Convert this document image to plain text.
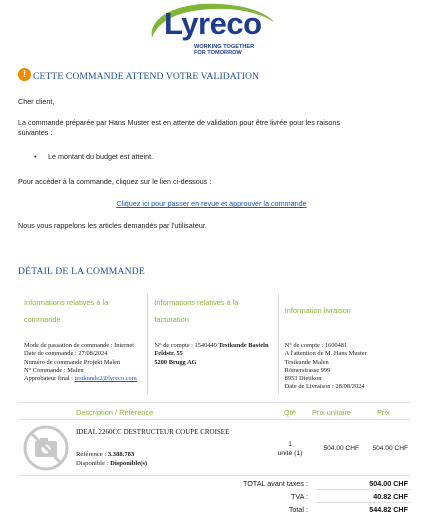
Lyreco
WORKING TOGETHER
FOR TOMORROW
! CETTE COMMANDE ATTEND VOTRE VALIDATION
Cher client,
La commande préparée par Hans Muster est en attente de validation pour être livrée pour les raisons
suivantes :
• Le montant du budget est atteint.
Pour accéder à la commande, cliquez sur le lien ci-dessous :
Cliquez ici pour passer en revue et approuver la commande
Nous vous rappelons les articles demandés par l'utilisateur.
DÉTAIL DE LA COMMANDE
Informations relatives à la
commande
Mode de passation de commande : Internet
Date de commande : 27/08/2024
Numéro de commande Projekt Malen
N° Commande : Malen
Approbateur final : testkunde2@lyreco.com
Informations relatives à la
facturation
N° de compte : 1540440 Testkunde Basteln
Feldstr. 55
5200 Brugg AG
Information livraison
N° de compte : 1600481
A l'attention de M. Hans Muster
Testkunde Malen
Römerstrasse 999
8953 Dietikon
Date de Livraison : 28/08/2024
Description / Référence	Qté Prix unitaire	Prix
IDEAL 2260CC DESTRUCTEUR COUPE CROISEE
Référence : 3.388.783
Disponible : Disponible(s)
1
unité (1)
504.00 CHF	504.00 CHF
TOTAL avant taxes :	504.00 CHF
TVA :	40.82 CHF
Total :	544.82 CHF
